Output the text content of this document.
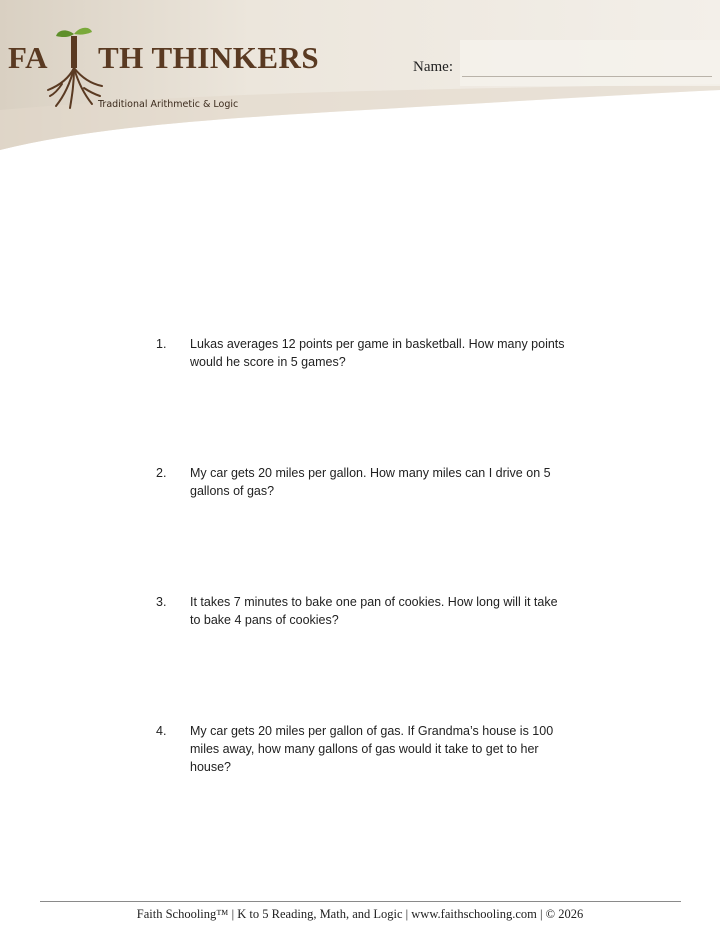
FA TH THINKERS
Traditional Arithmetic & Logic
Name:
1. Lukas averages 12 points per game in basketball. How many points would he score in 5 games?
2. My car gets 20 miles per gallon. How many miles can I drive on 5 gallons of gas?
3. It takes 7 minutes to bake one pan of cookies. How long will it take to bake 4 pans of cookies?
4. My car gets 20 miles per gallon of gas. If Grandma’s house is 100 miles away, how many gallons of gas would it take to get to her house?
Faith Schooling™ | K to 5 Reading, Math, and Logic | www.faithschooling.com | © 2026
